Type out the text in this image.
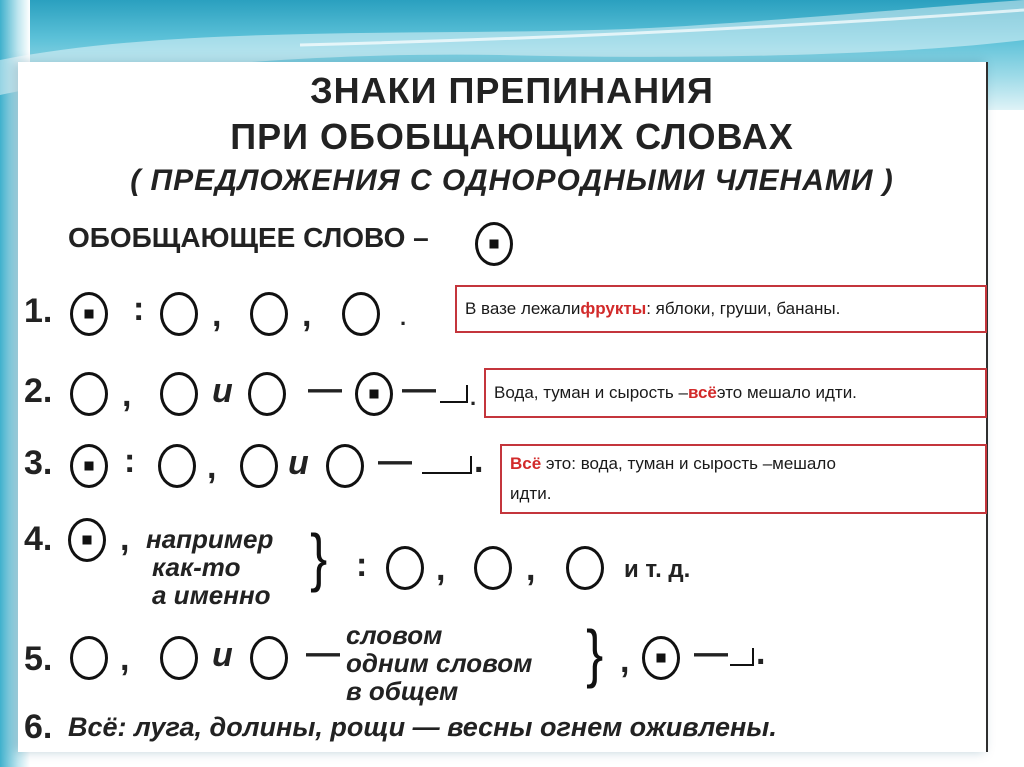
ЗНАКИ ПРЕПИНАНИЯ
ПРИ ОБОБЩАЮЩИХ СЛОВАХ
( ПРЕДЛОЖЕНИЯ С ОДНОРОДНЫМИ ЧЛЕНАМИ )
ОБОБЩАЮЩЕЕ СЛОВО –
1. : , ,	.	В вазе лежали фрукты : яблоки, груши, бананы.
2. , и — — . Вода, туман и сырость – всё это мешало идти.
3. : , и — . Всё это: вода, туман и сырость –мешало
идти.
4. , например
как-то
а именно
} : , ,	и т. д.
5. , и — словом
одним словом
в общем
} , — .
6. Всё: луга, долины, рощи — весны огнем оживлены.
